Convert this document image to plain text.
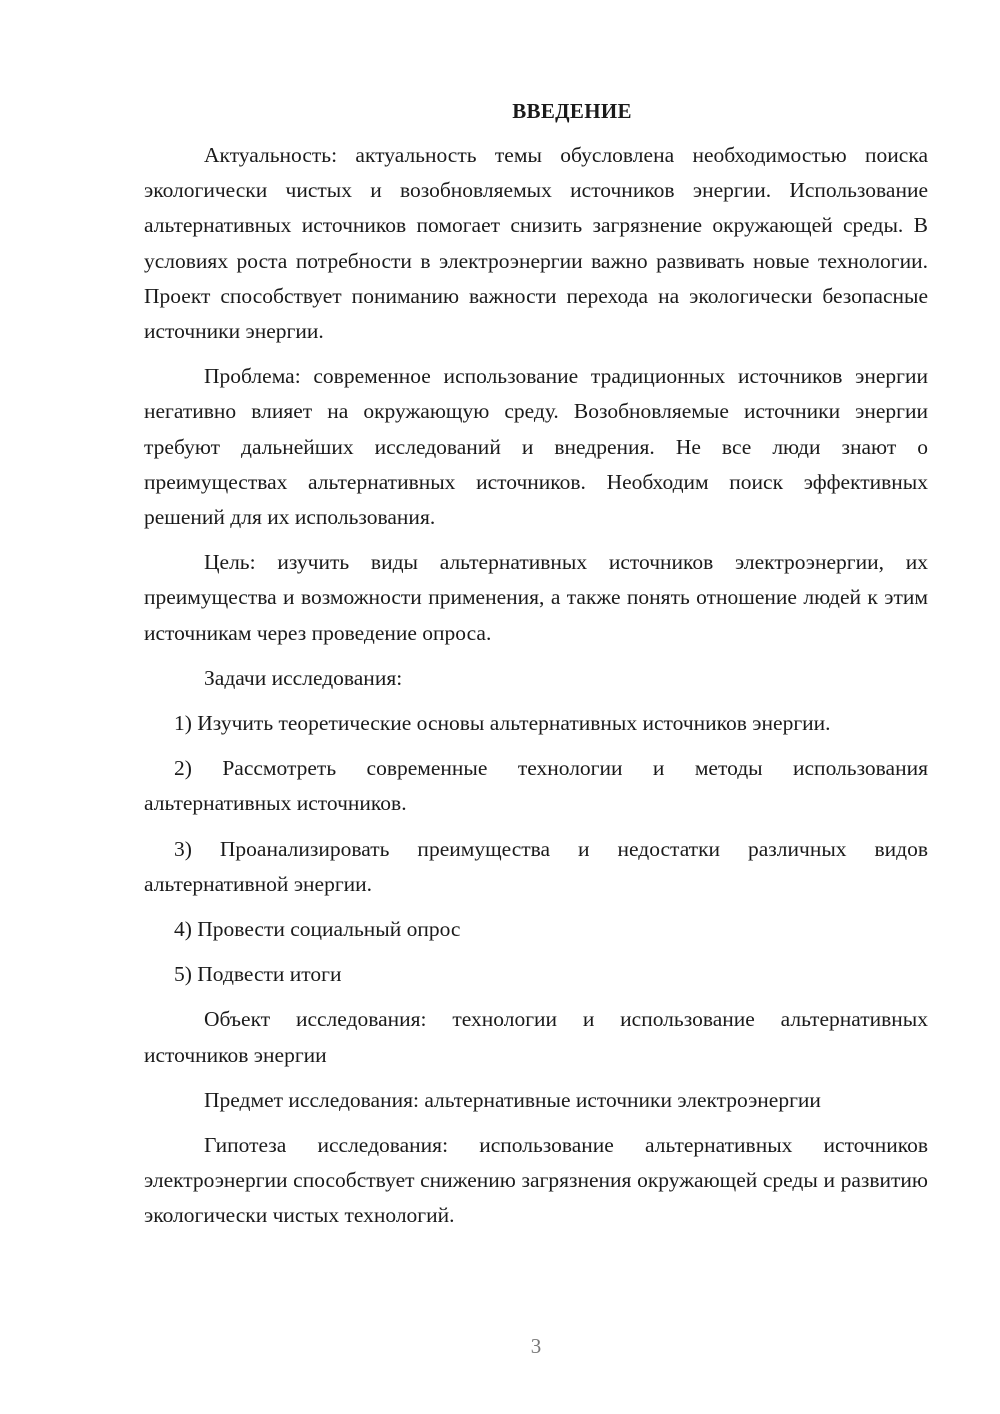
ВВЕДЕНИЕ

Актуальность: актуальность темы обусловлена необходимостью поиска экологически чистых и возобновляемых источников энергии. Использование альтернативных источников помогает снизить загрязнение окружающей среды. В условиях роста потребности в электроэнергии важно развивать новые технологии. Проект способствует пониманию важности перехода на экологически безопасные источники энергии.

Проблема: современное использование традиционных источников энергии негативно влияет на окружающую среду. Возобновляемые источники энергии требуют дальнейших исследований и внедрения. Не все люди знают о преимуществах альтернативных источников. Необходим поиск эффективных решений для их использования.

Цель: изучить виды альтернативных источников электроэнергии, их преимущества и возможности применения, а также понять отношение людей к этим источникам через проведение опроса.

Задачи исследования:

1) Изучить теоретические основы альтернативных источников энергии.

2) Рассмотреть современные технологии и методы использования альтернативных источников.

3) Проанализировать преимущества и недостатки различных видов альтернативной энергии.

4) Провести социальный опрос

5) Подвести итоги

Объект исследования: технологии и использование альтернативных источников энергии

Предмет исследования: альтернативные источники электроэнергии

Гипотеза исследования: использование альтернативных источников электроэнергии способствует снижению загрязнения окружающей среды и развитию экологически чистых технологий.

3
